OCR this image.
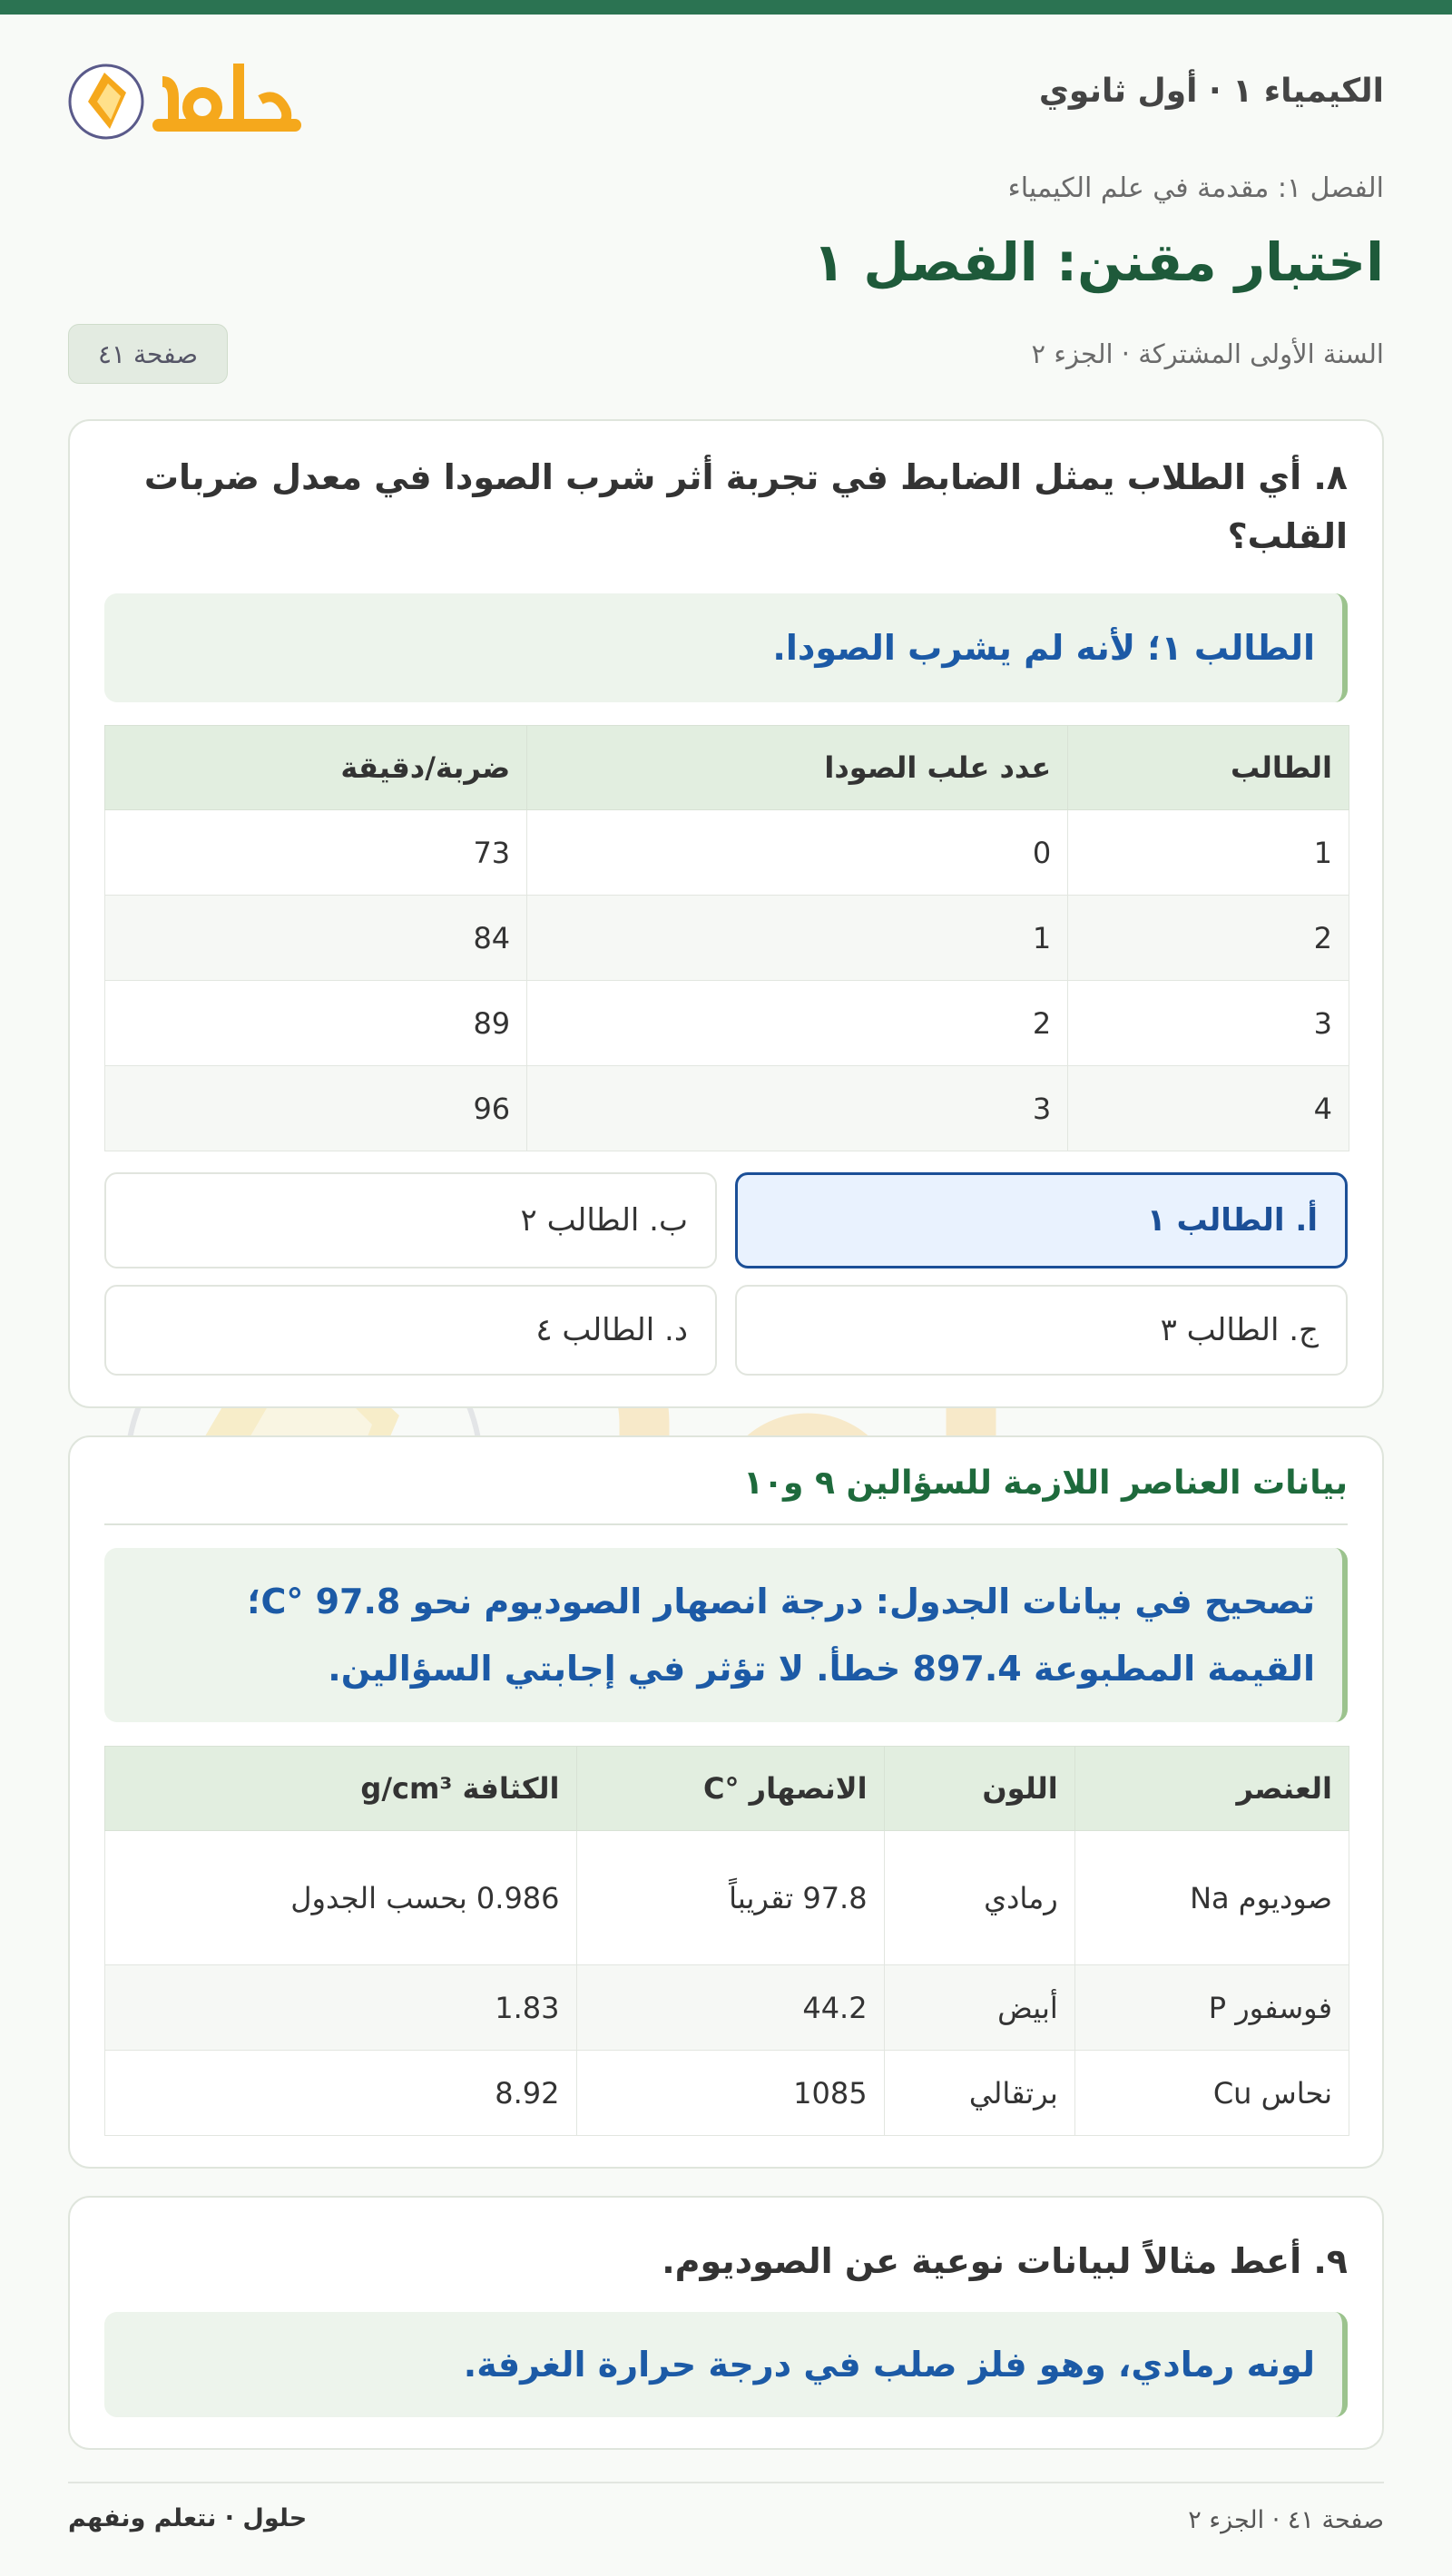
الكيمياء ١ · أول ثانوي
الفصل ١: مقدمة في علم الكيمياء
اختبار مقنن: الفصل ١
السنة الأولى المشتركة · الجزء ٢
صفحة ٤١
٨. أي الطلاب يمثل الضابط في تجربة أثر شرب الصودا في معدل ضربات القلب؟
الطالب ١؛ لأنه لم يشرب الصودا.
الطالب	عدد علب الصودا	ضربة/دقيقة
1	0	73
2	1	84
3	2	89
4	3	96
أ. الطالب ١
ب. الطالب ٢
ج. الطالب ٣
د. الطالب ٤
بيانات العناصر اللازمة للسؤالين ٩ و١٠
تصحيح في بيانات الجدول: درجة انصهار الصوديوم نحو 97.8 °C؛ القيمة المطبوعة 897.4 خطأ. لا تؤثر في إجابتي السؤالين.
العنصر	اللون	الانصهار °C	الكثافة g/cm³
صوديوم Na	رمادي	97.8 تقريباً	0.986 بحسب الجدول
فوسفور P	أبيض	44.2	1.83
نحاس Cu	برتقالي	1085	8.92
٩. أعط مثالاً لبيانات نوعية عن الصوديوم.
لونه رمادي، وهو فلز صلب في درجة حرارة الغرفة.
صفحة ٤١ · الجزء ٢
حلول · نتعلم ونفهم
